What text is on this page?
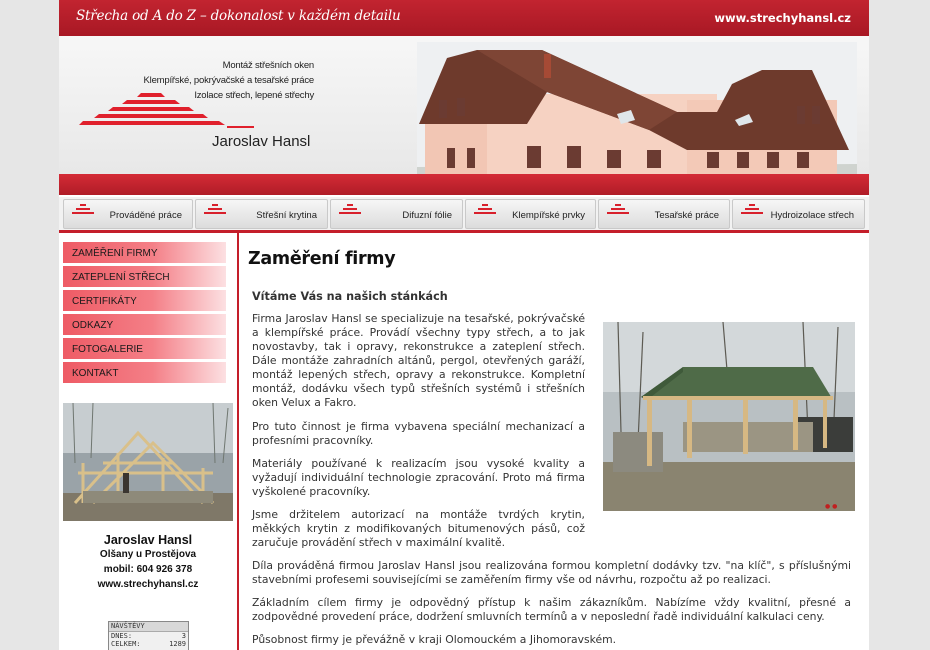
Střecha od A do Z – dokonalost v každém detailu	www.strechyhansl.cz
Montáž střešních oken
Klempířské, pokrývačské a tesařské práce
Izolace střech, lepené střechy
Jaroslav Hansl
Prováděné práce	Střešní krytina	Difuzní fólie	Klempířské prvky	Tesařské práce	Hydroizolace střech
ZAMĚŘENÍ FIRMY
ZATEPLENÍ STŘECH
CERTIFIKÁTY
ODKAZY
FOTOGALERIE
KONTAKT
Jaroslav Hansl
Olšany u Prostějova
mobil: 604 926 378
www.strechyhansl.cz
NÁVŠTĚVY
DNES:	3
CELKEM:	1289
Zaměření firmy
Vítáme Vás na našich stánkách

Firma Jaroslav Hansl se specializuje na tesařské, pokrývačské a klempířské práce. Provádí všechny typy střech, a to jak novostavby, tak i opravy, rekonstrukce a zateplení střech. Dále montáže zahradních altánů, pergol, otevřených garáží, montáž lepených střech, opravy a rekonstrukce. Kompletní montáž, dodávku všech typů střešních systémů i střešních oken Velux a Fakro.

Pro tuto činnost je firma vybavena speciální mechanizací a profesními pracovníky.

Materiály používané k realizacím jsou vysoké kvality a vyžadují individuální technologie zpracování. Proto má firma vyškolené pracovníky.

Jsme držitelem autorizací na montáže tvrdých krytin, měkkých krytin z modifikovaných bitumenových pásů, což zaručuje provádění střech v maximální kvalitě.

Díla prováděná firmou Jaroslav Hansl jsou realizována formou kompletní dodávky tzv. "na klíč", s příslušnými stavebními profesemi souvisejícími se zaměřením firmy vše od návrhu, rozpočtu až po realizaci.

Základním cílem firmy je odpovědný přístup k našim zákazníkům. Nabízíme vždy kvalitní, přesné a zodpovědné provedení práce, dodržení smluvních termínů a v neposlední řadě individuální kalkulaci ceny.

Působnost firmy je převážně v kraji Olomouckém a Jihomoravském.

● ●
